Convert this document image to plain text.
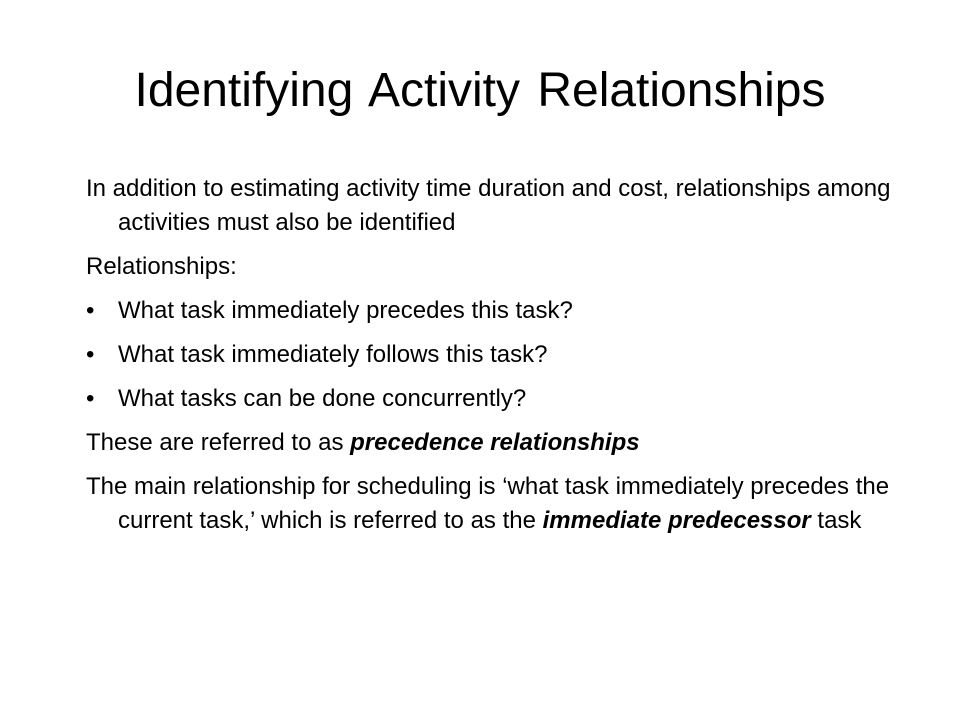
Identifying Activity Relationships

In addition to estimating activity time duration and cost, relationships among activities must also be identified

Relationships:

• What task immediately precedes this task?
• What task immediately follows this task?
• What tasks can be done concurrently?

These are referred to as precedence relationships

The main relationship for scheduling is ‘what task immediately precedes the current task,’ which is referred to as the immediate predecessor task
